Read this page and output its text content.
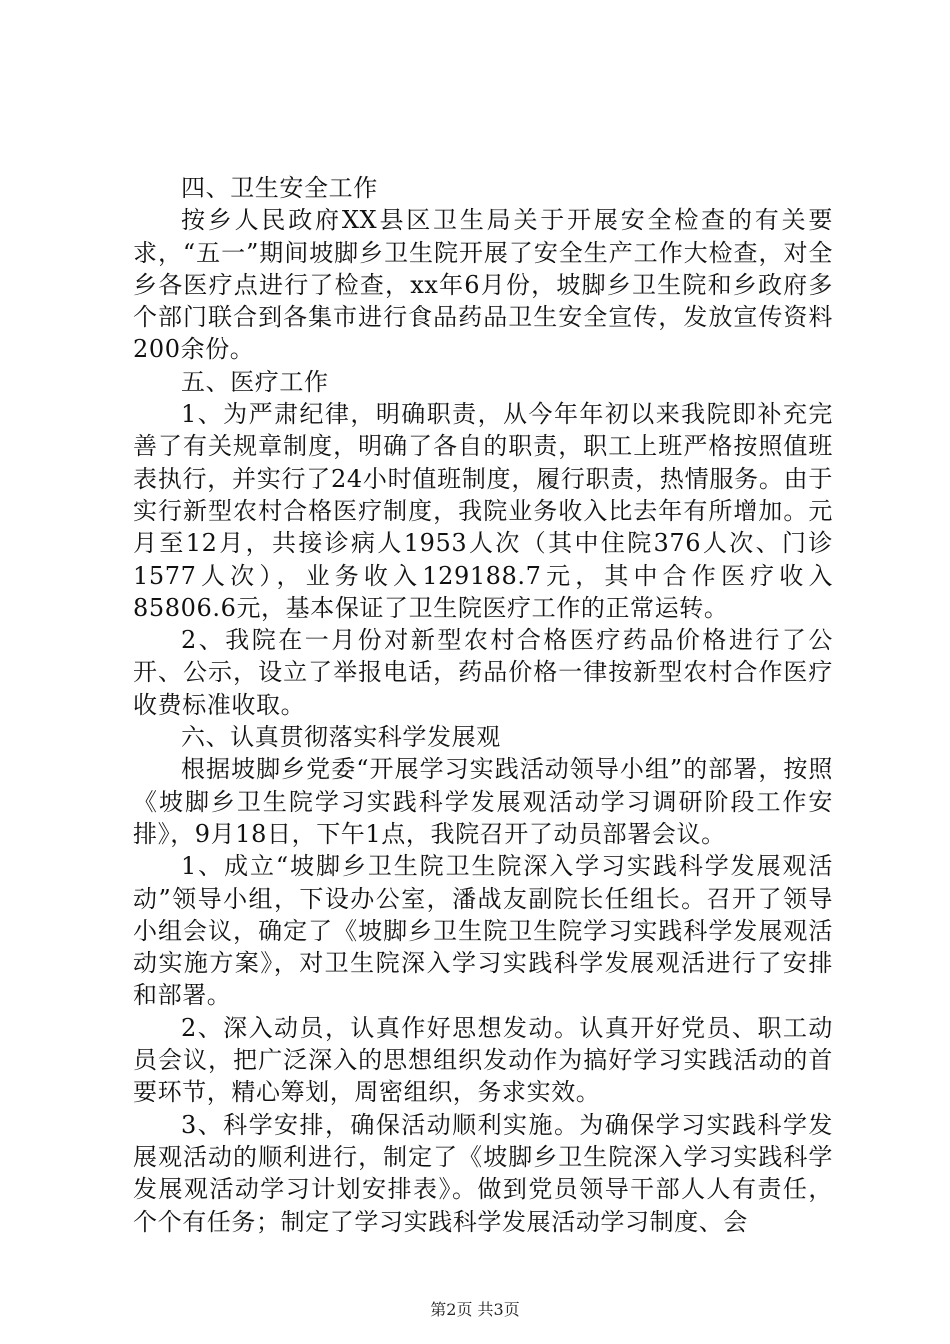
四、卫生安全工作

按乡人民政府XX县区卫生局关于开展安全检查的有关要求，“五一”期间坡脚乡卫生院开展了安全生产工作大检查，对全乡各医疗点进行了检查，xx年6月份，坡脚乡卫生院和乡政府多个部门联合到各集市进行食品药品卫生安全宣传，发放宣传资料200余份。

五、医疗工作

1、为严肃纪律，明确职责，从今年年初以来我院即补充完善了有关规章制度，明确了各自的职责，职工上班严格按照值班表执行，并实行了24小时值班制度，履行职责，热情服务。由于实行新型农村合格医疗制度，我院业务收入比去年有所增加。元月至12月，共接诊病人1953人次（其中住院376人次、门诊1577人次），业务收入129188.7元，其中合作医疗收入85806.6元，基本保证了卫生院医疗工作的正常运转。

2、我院在一月份对新型农村合格医疗药品价格进行了公开、公示，设立了举报电话，药品价格一律按新型农村合作医疗收费标准收取。

六、认真贯彻落实科学发展观

根据坡脚乡党委“开展学习实践活动领导小组”的部署，按照《坡脚乡卫生院学习实践科学发展观活动学习调研阶段工作安排》，9月18日，下午1点，我院召开了动员部署会议。

1、成立“坡脚乡卫生院卫生院深入学习实践科学发展观活动”领导小组，下设办公室，潘战友副院长任组长。召开了领导小组会议，确定了《坡脚乡卫生院卫生院学习实践科学发展观活动实施方案》，对卫生院深入学习实践科学发展观活进行了安排和部署。

2、深入动员，认真作好思想发动。认真开好党员、职工动员会议，把广泛深入的思想组织发动作为搞好学习实践活动的首要环节，精心筹划，周密组织，务求实效。

3、科学安排，确保活动顺利实施。为确保学习实践科学发展观活动的顺利进行，制定了《坡脚乡卫生院深入学习实践科学发展观活动学习计划安排表》。做到党员领导干部人人有责任，个个有任务；制定了学习实践科学发展活动学习制度、会

第2页 共3页
